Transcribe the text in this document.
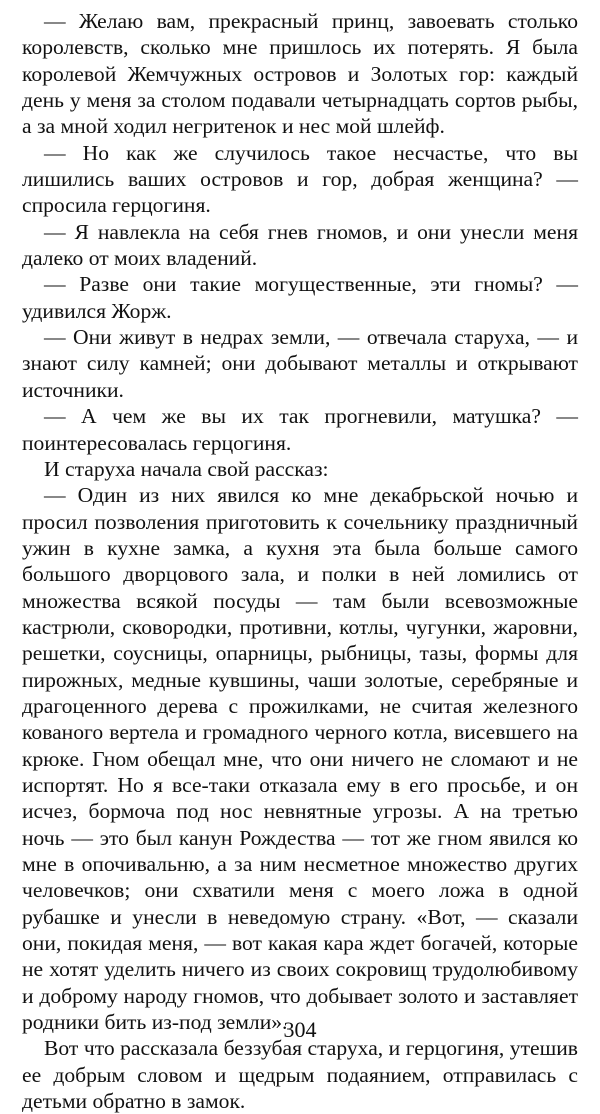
— Желаю вам, прекрасный принц, завоевать столько королевств, сколько мне пришлось их потерять. Я была королевой Жемчужных островов и Золотых гор: каждый день у меня за столом подавали четырнадцать сортов рыбы, а за мной ходил негритенок и нес мой шлейф.

— Но как же случилось такое несчастье, что вы лишились ваших островов и гор, добрая женщина? — спросила герцогиня.

— Я навлекла на себя гнев гномов, и они унесли меня далеко от моих владений.

— Разве они такие могущественные, эти гномы? — удивился Жорж.

— Они живут в недрах земли, — отвечала старуха, — и знают силу камней; они добывают металлы и открывают источники.

— А чем же вы их так прогневили, матушка? — поинтересовалась герцогиня.

И старуха начала свой рассказ:

— Один из них явился ко мне декабрьской ночью и просил позволения приготовить к сочельнику праздничный ужин в кухне замка, а кухня эта была больше самого большого дворцового зала, и полки в ней ломились от множества всякой посуды — там были всевозможные кастрюли, сковородки, противни, котлы, чугунки, жаровни, решетки, соусницы, опарницы, рыбницы, тазы, формы для пирожных, медные кувшины, чаши золотые, серебряные и драгоценного дерева с прожилками, не считая железного кованого вертела и громадного черного котла, висевшего на крюке. Гном обещал мне, что они ничего не сломают и не испортят. Но я все-таки отказала ему в его просьбе, и он исчез, бормоча под нос невнятные угрозы. А на третью ночь — это был канун Рождества — тот же гном явился ко мне в опочивальню, а за ним несметное множество других человечков; они схватили меня с моего ложа в одной рубашке и унесли в неведомую страну. «Вот, — сказали они, покидая меня, — вот какая кара ждет богачей, которые не хотят уделить ничего из своих сокровищ трудолюбивому и доброму народу гномов, что добывает золото и заставляет родники бить из-под земли».

Вот что рассказала беззубая старуха, и герцогиня, утешив ее добрым словом и щедрым подаянием, отправилась с детьми обратно в замок.

304
